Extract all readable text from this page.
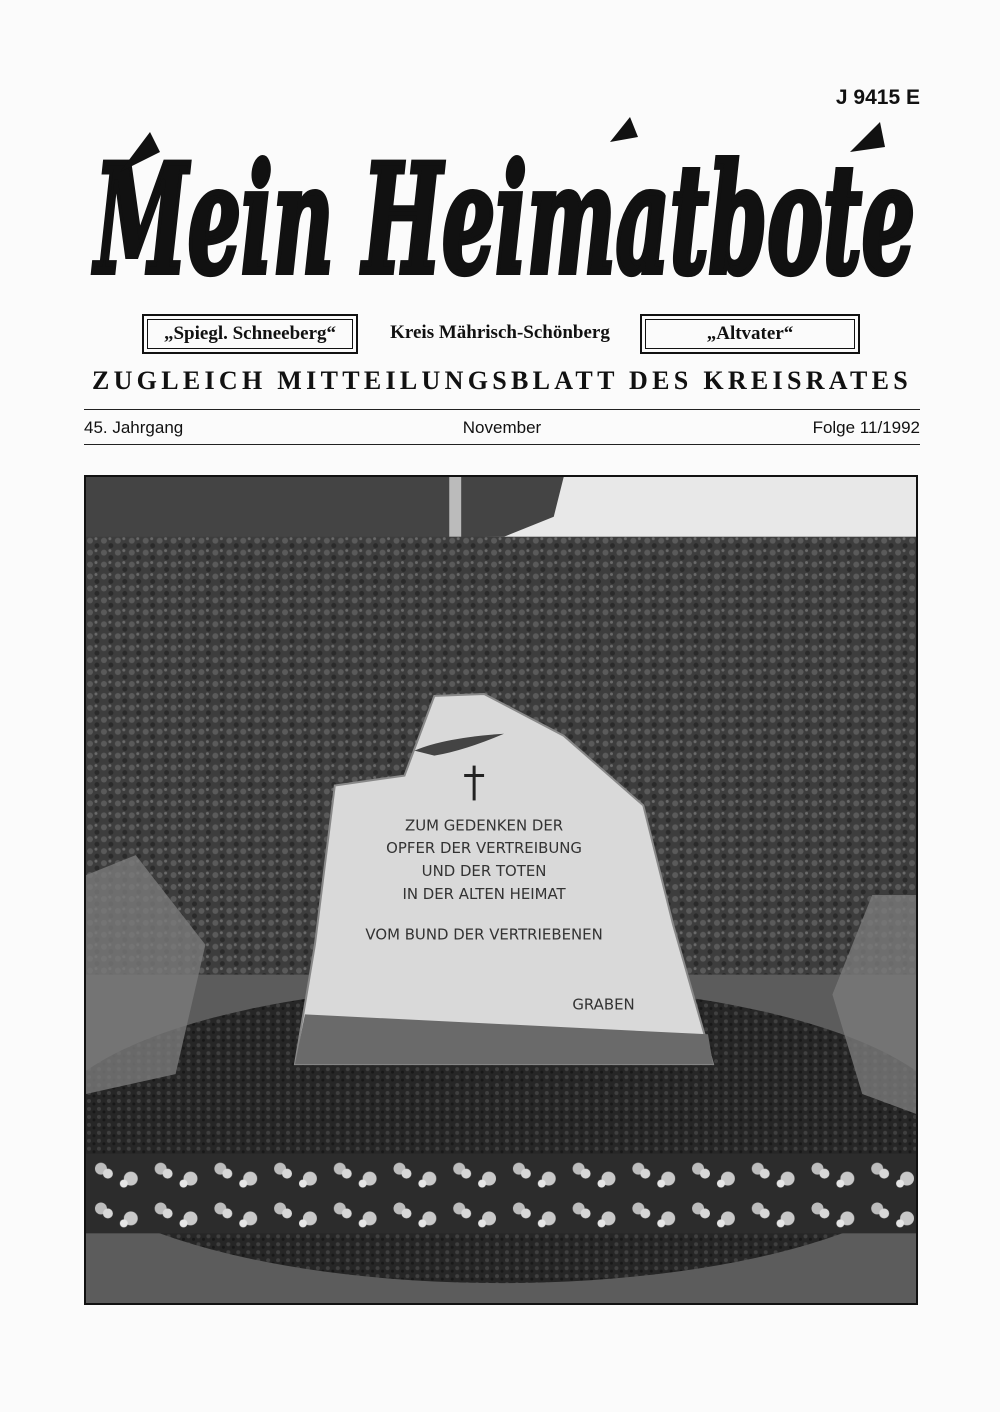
J 9415 E
Mein Heimatbote
„Spiegl. Schneeberg“	Kreis Mährisch-Schönberg	„Altvater“
ZUGLEICH MITTEILUNGSBLATT DES KREISRATES
45. Jahrgang	November	Folge 11/1992
ZUM GEDENKEN DER
OPFER DER VERTREIBUNG
UND DER TOTEN
IN DER ALTEN HEIMAT
VOM BUND DER VERTRIEBENEN
GRABEN
